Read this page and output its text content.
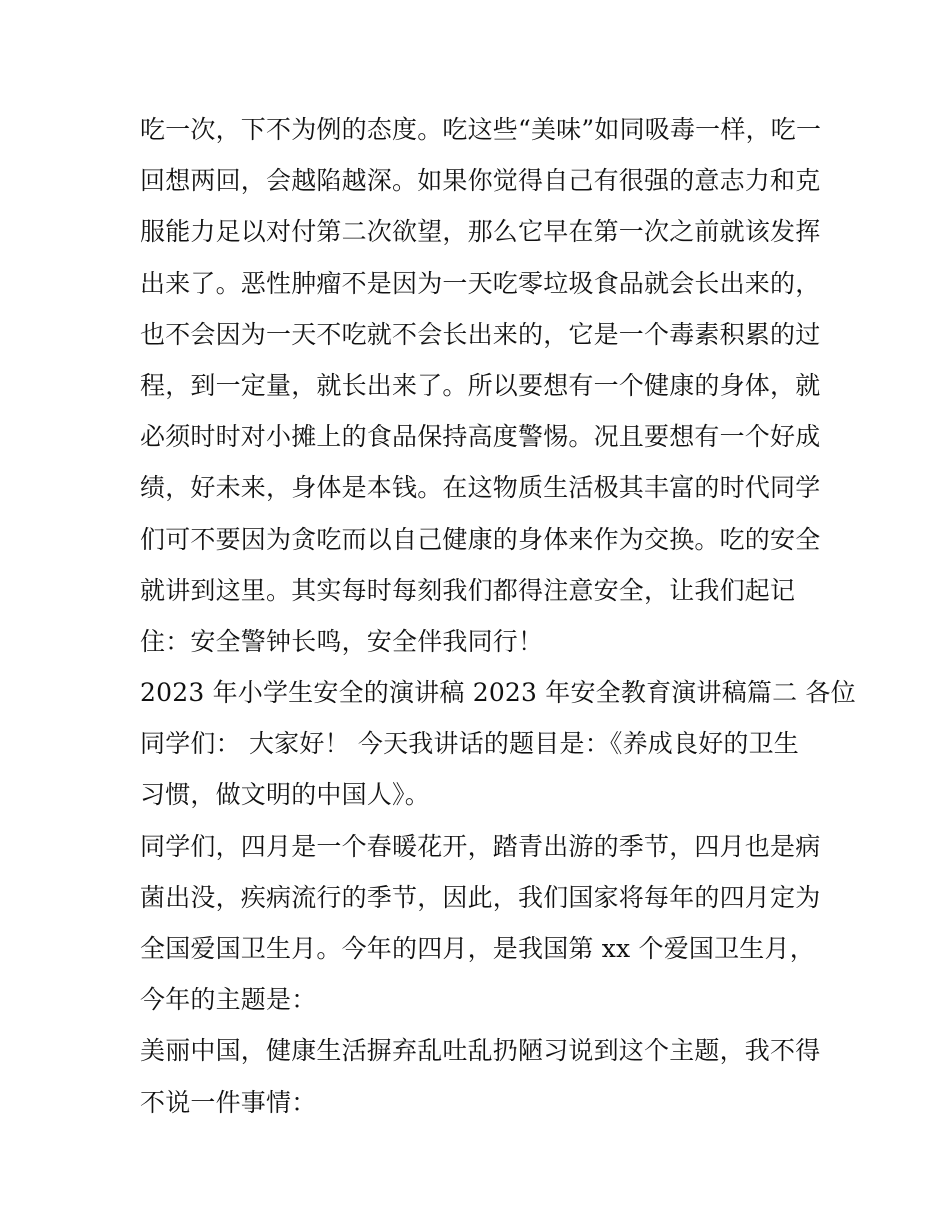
吃一次，下不为例的态度。吃这些“美味”如同吸毒一样，吃一
回想两回，会越陷越深。如果你觉得自己有很强的意志力和克
服能力足以对付第二次欲望，那么它早在第一次之前就该发挥
出来了。恶性肿瘤不是因为一天吃零垃圾食品就会长出来的，
也不会因为一天不吃就不会长出来的，它是一个毒素积累的过
程，到一定量，就长出来了。所以要想有一个健康的身体，就
必须时时对小摊上的食品保持高度警惕。况且要想有一个好成
绩，好未来，身体是本钱。在这物质生活极其丰富的时代同学
们可不要因为贪吃而以自己健康的身体来作为交换。吃的安全
就讲到这里。其实每时每刻我们都得注意安全，让我们起记
住：安全警钟长鸣，安全伴我同行！
2023 年小学生安全的演讲稿 2023 年安全教育演讲稿篇二 各位
同学们： 大家好！ 今天我讲话的题目是：《养成良好的卫生
习惯，做文明的中国人》。
同学们，四月是一个春暖花开，踏青出游的季节，四月也是病
菌出没，疾病流行的季节，因此，我们国家将每年的四月定为
全国爱国卫生月。今年的四月，是我国第 xx 个爱国卫生月，
今年的主题是：
美丽中国，健康生活摒弃乱吐乱扔陋习说到这个主题，我不得
不说一件事情：
